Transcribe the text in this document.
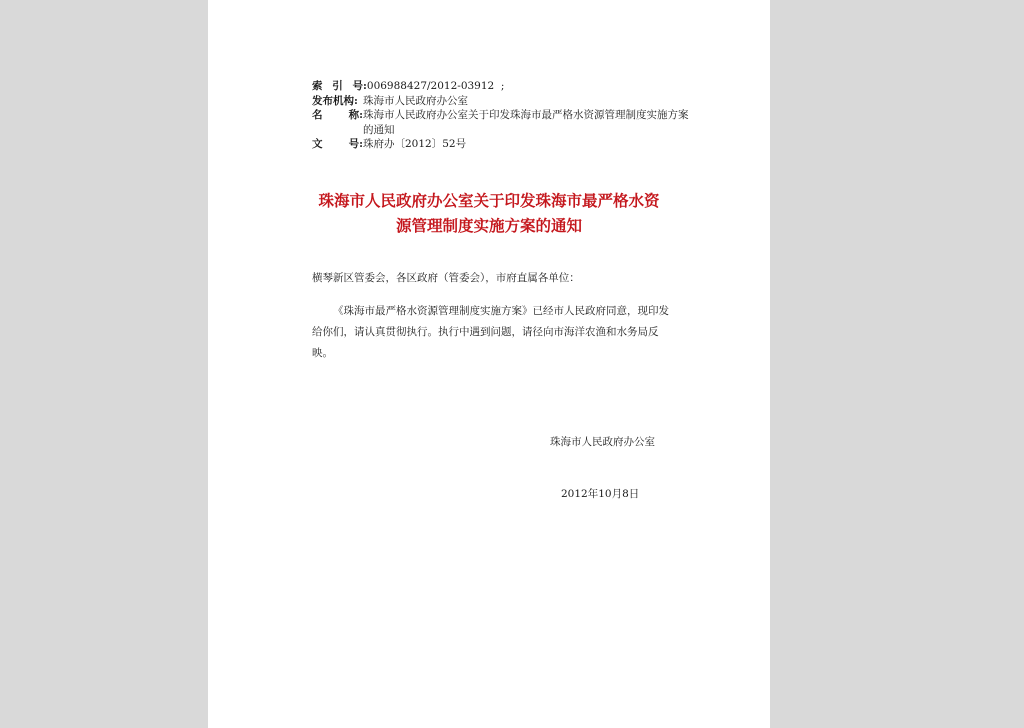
索 引 号 : 006988427/2012-03912  ;
发布机构: 珠海市人民政府办公室
名 称: 珠海市人民政府办公室关于印发珠海市最严格水资源管理制度实施方案的通知
文 号: 珠府办〔2012〕52号
珠海市人民政府办公室关于印发珠海市最严格水资
源管理制度实施方案的通知
横琴新区管委会，各区政府（管委会），市府直属各单位：
《珠海市最严格水资源管理制度实施方案》已经市人民政府同意，现印发给你们，请认真贯彻执行。执行中遇到问题，请径向市海洋农渔和水务局反映。
珠海市人民政府办公室
2012年10月8日
